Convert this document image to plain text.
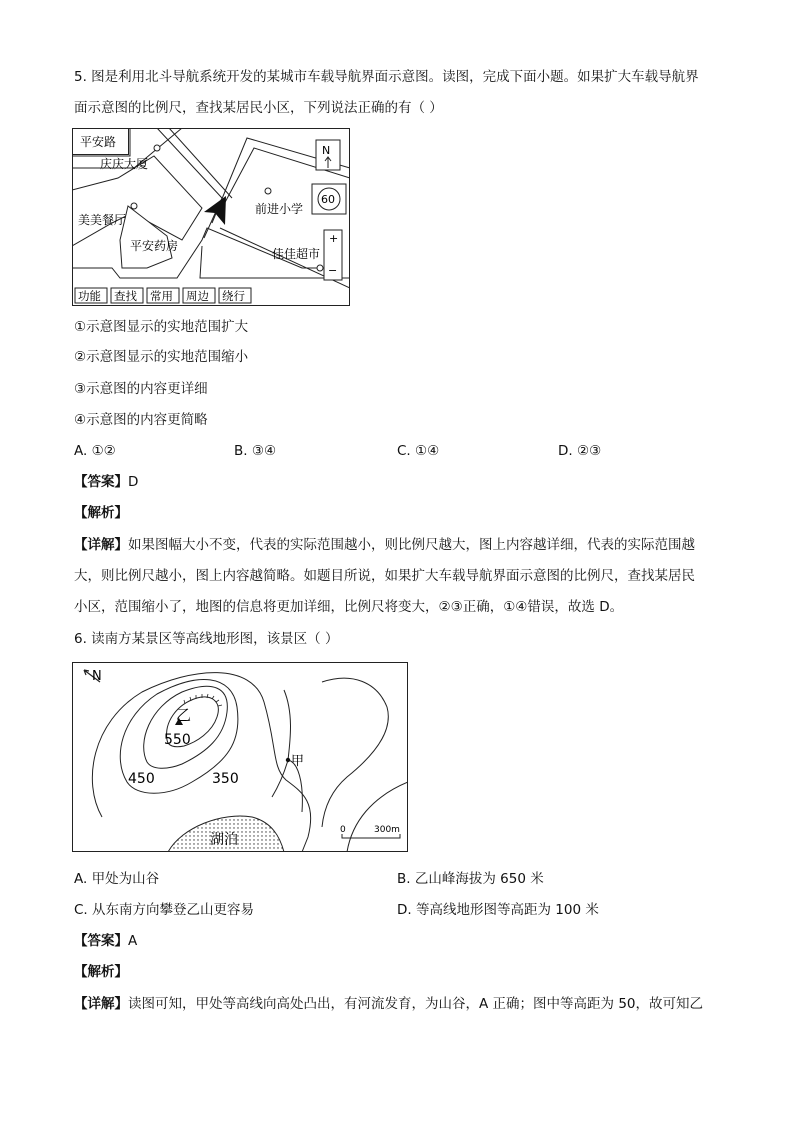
5. 图是利用北斗导航系统开发的某城市车载导航界面示意图。读图，完成下面小题。如果扩大车载导航界
面示意图的比例尺，查找某居民小区，下列说法正确的有（ ）
平安路
庆庆大厦
美美餐厅
平安药房
前进小学
佳佳超市
N
60
+
−
功能 查找 常用 周边 绕行
①示意图显示的实地范围扩大
②示意图显示的实地范围缩小
③示意图的内容更详细
④示意图的内容更简略
A. ①②	B. ③④	C. ①④	D. ②③
【答案】D
【解析】
【详解】如果图幅大小不变，代表的实际范围越小，则比例尺越大，图上内容越详细，代表的实际范围越
大，则比例尺越小，图上内容越简略。如题目所说，如果扩大车载导航界面示意图的比例尺，查找某居民
小区，范围缩小了，地图的信息将更加详细，比例尺将变大，②③正确，①④错误，故选 D。
6. 读南方某景区等高线地形图，该景区（ ）
N
乙
550
450	350
甲
湖泊
0	300m
A. 甲处为山谷	B. 乙山峰海拔为 650 米
C. 从东南方向攀登乙山更容易	D. 等高线地形图等高距为 100 米
【答案】A
【解析】
【详解】读图可知，甲处等高线向高处凸出，有河流发育，为山谷，A 正确；图中等高距为 50，故可知乙
